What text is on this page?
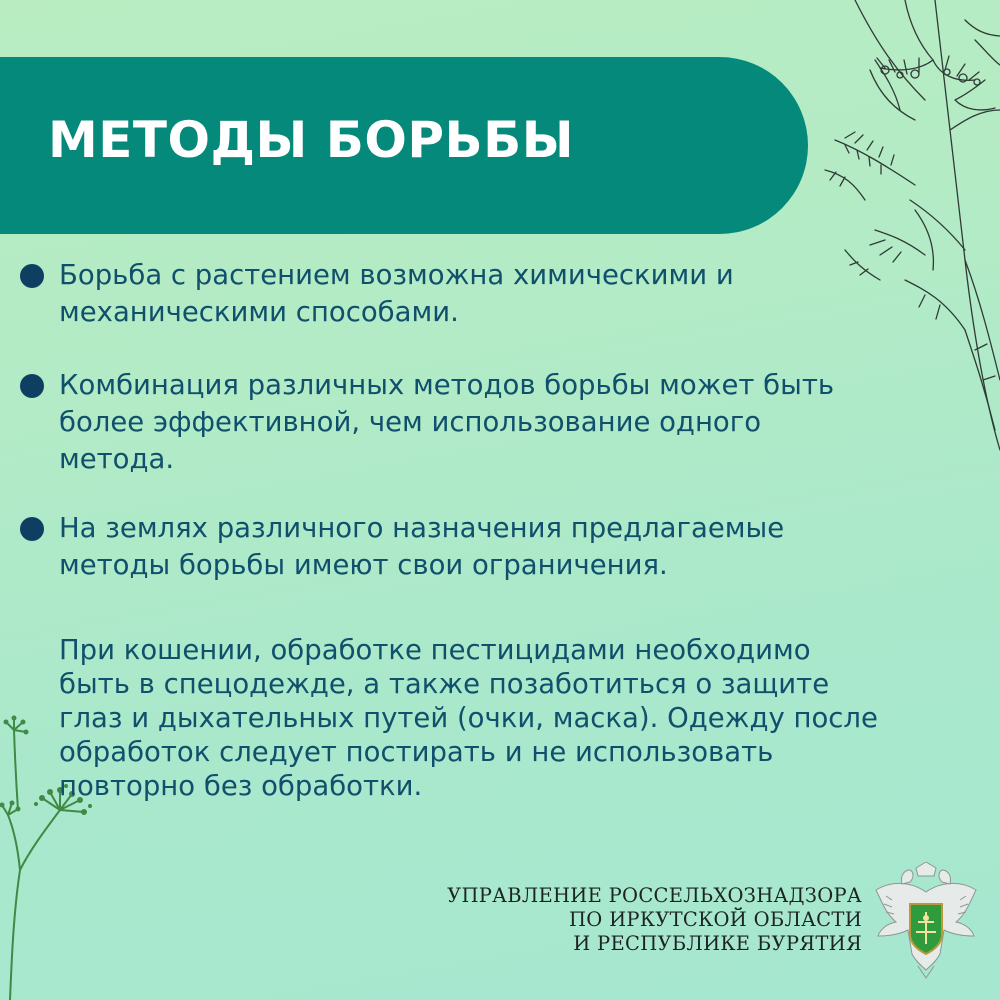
МЕТОДЫ БОРЬБЫ
Борьба с растением возможна химическими и
механическими способами.
Комбинация различных методов борьбы может быть
более эффективной, чем использование одного
метода.
На землях различного назначения предлагаемые
методы борьбы имеют свои ограничения.
При кошении, обработке пестицидами необходимо
быть в спецодежде, а также позаботиться о защите
глаз и дыхательных путей (очки, маска). Одежду после
обработок следует постирать и не использовать
повторно без обработки.
УПРАВЛЕНИЕ РОССЕЛЬХОЗНАДЗОРА
ПО ИРКУТСКОЙ ОБЛАСТИ
И РЕСПУБЛИКЕ БУРЯТИЯ
